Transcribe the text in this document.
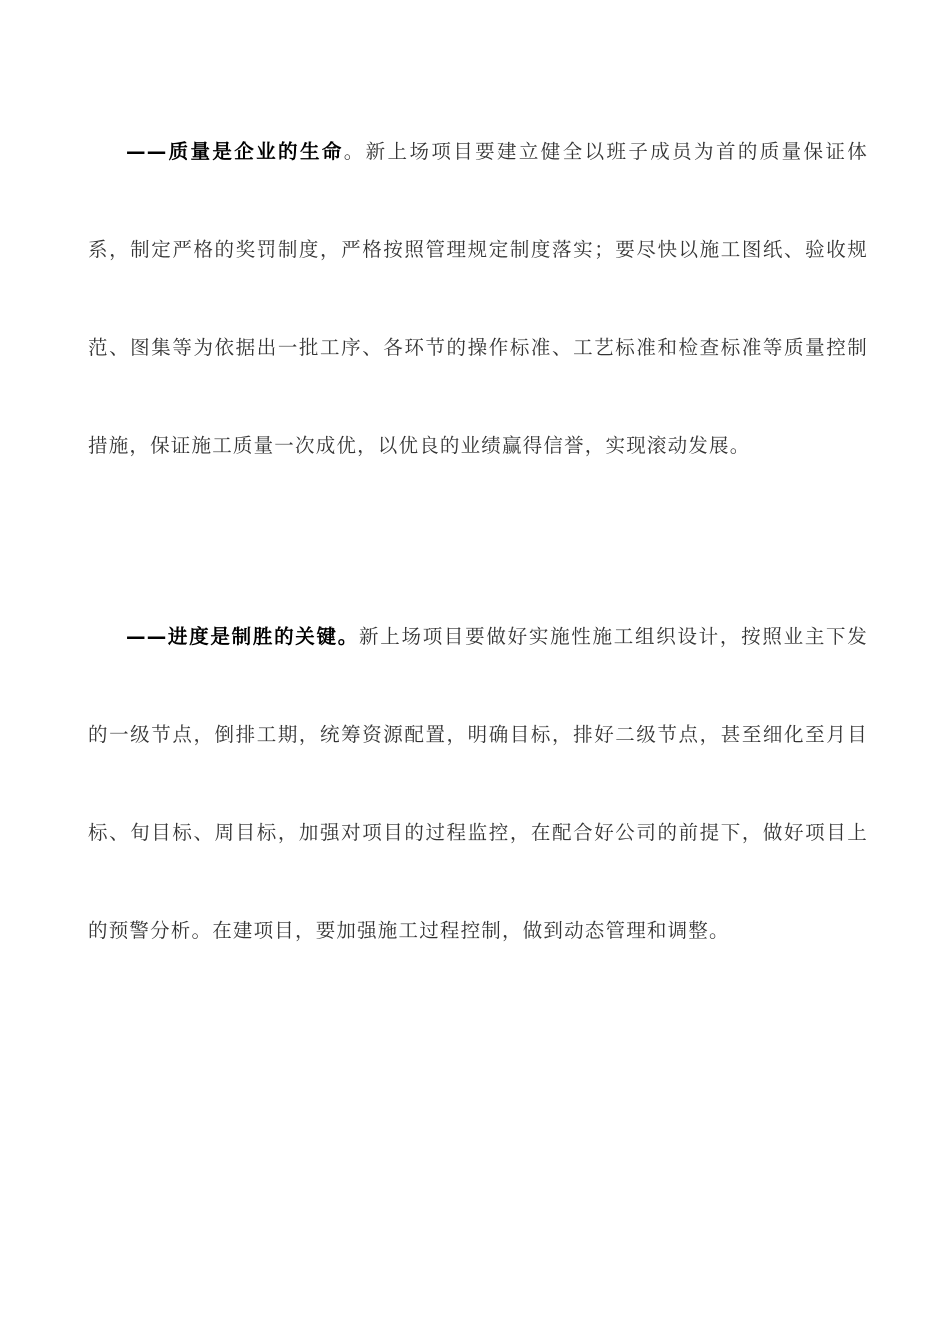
——质量是企业的生命。新上场项目要建立健全以班子成员为首的质量保证体系，制定严格的奖罚制度，严格按照管理规定制度落实；要尽快以施工图纸、验收规范、图集等为依据出一批工序、各环节的操作标准、工艺标准和检查标准等质量控制措施，保证施工质量一次成优，以优良的业绩赢得信誉，实现滚动发展。

——进度是制胜的关键。新上场项目要做好实施性施工组织设计，按照业主下发的一级节点，倒排工期，统筹资源配置，明确目标，排好二级节点，甚至细化至月目标、旬目标、周目标，加强对项目的过程监控，在配合好公司的前提下，做好项目上的预警分析。在建项目，要加强施工过程控制，做到动态管理和调整。
